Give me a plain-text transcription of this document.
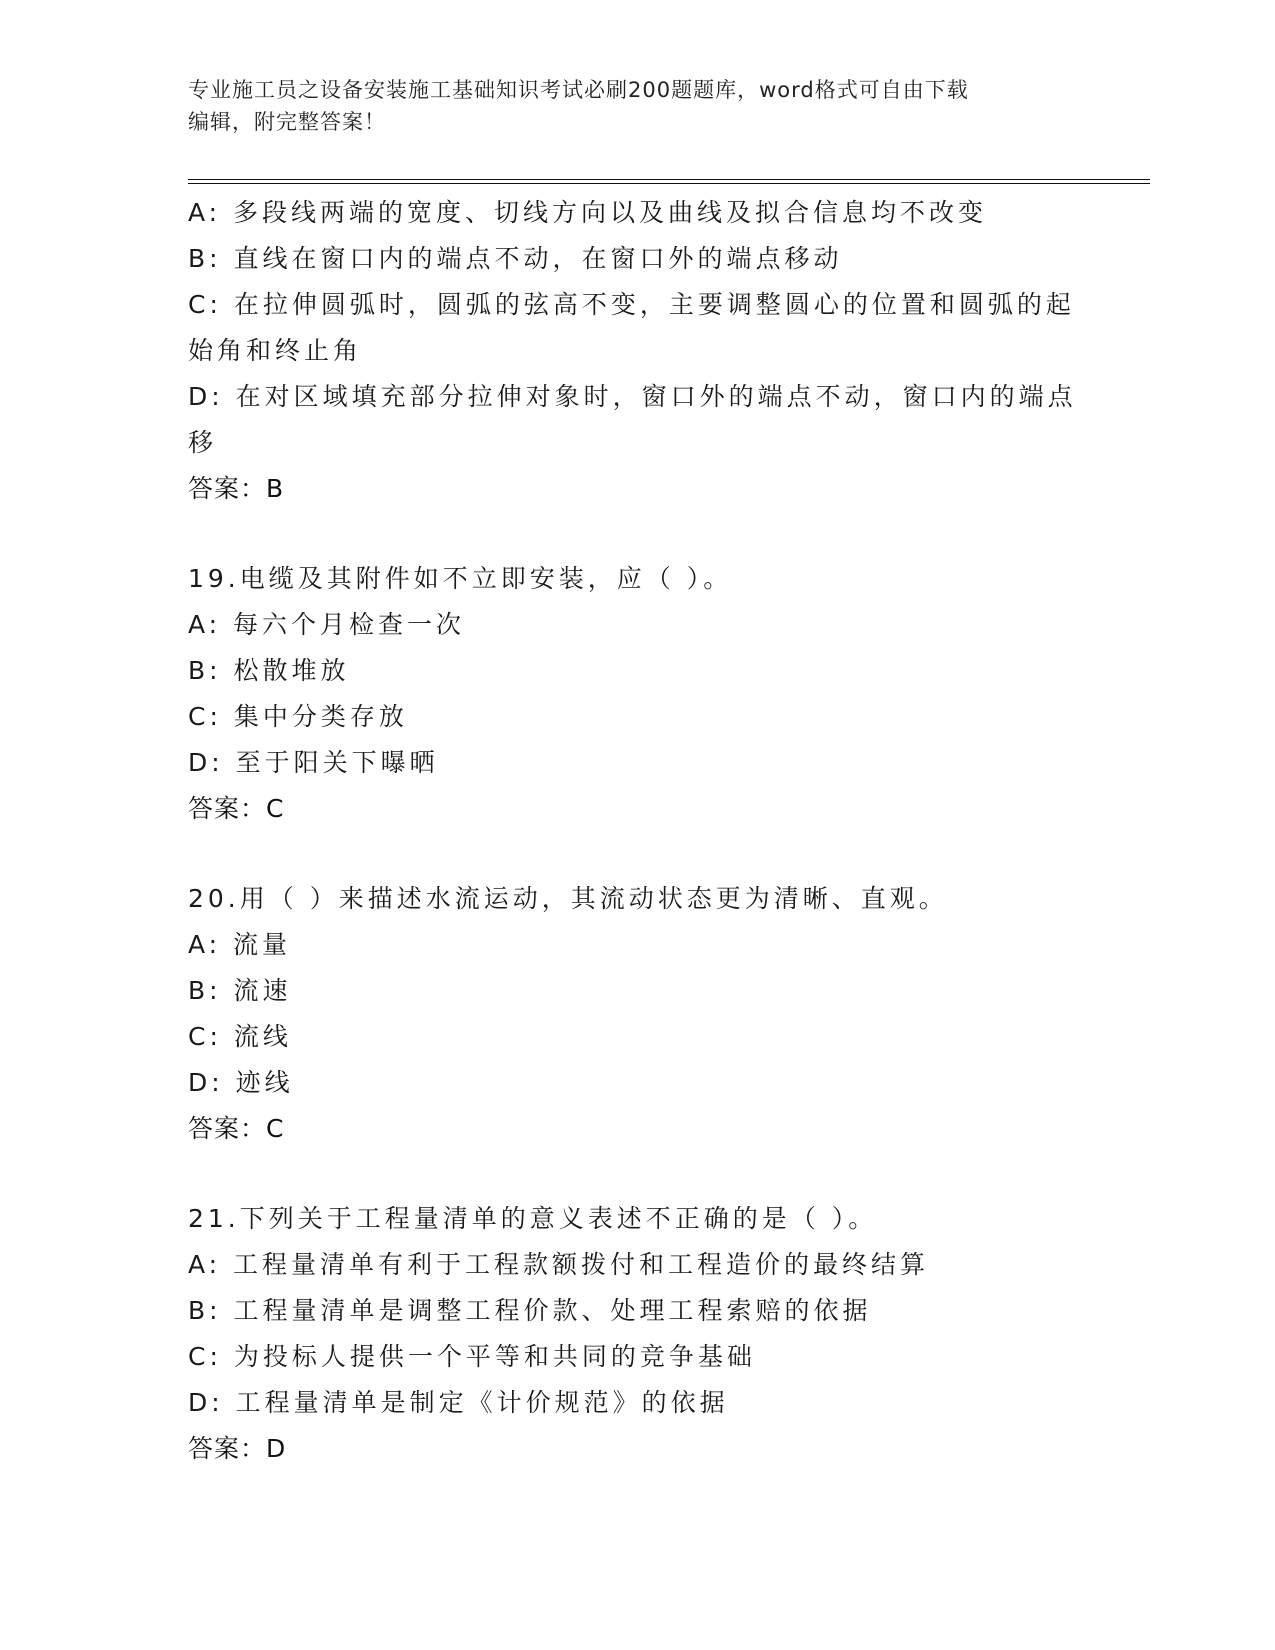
专业施工员之设备安装施工基础知识考试必刷200题题库，word格式可自由下载
编辑，附完整答案！
A: 多段线两端的宽度、切线方向以及曲线及拟合信息均不改变
B: 直线在窗口内的端点不动，在窗口外的端点移动
C: 在拉伸圆弧时，圆弧的弦高不变，主要调整圆心的位置和圆弧的起
始角和终止角
D: 在对区域填充部分拉伸对象时，窗口外的端点不动，窗口内的端点
移
答案：B
19.电缆及其附件如不立即安装，应（ ）。
A: 每六个月检查一次
B: 松散堆放
C: 集中分类存放
D: 至于阳关下曝晒
答案：C
20.用（ ）来描述水流运动，其流动状态更为清晰、直观。
A: 流量
B: 流速
C: 流线
D: 迹线
答案：C
21.下列关于工程量清单的意义表述不正确的是（ ）。
A: 工程量清单有利于工程款额拨付和工程造价的最终结算
B: 工程量清单是调整工程价款、处理工程索赔的依据
C: 为投标人提供一个平等和共同的竞争基础
D: 工程量清单是制定《计价规范》的依据
答案：D
